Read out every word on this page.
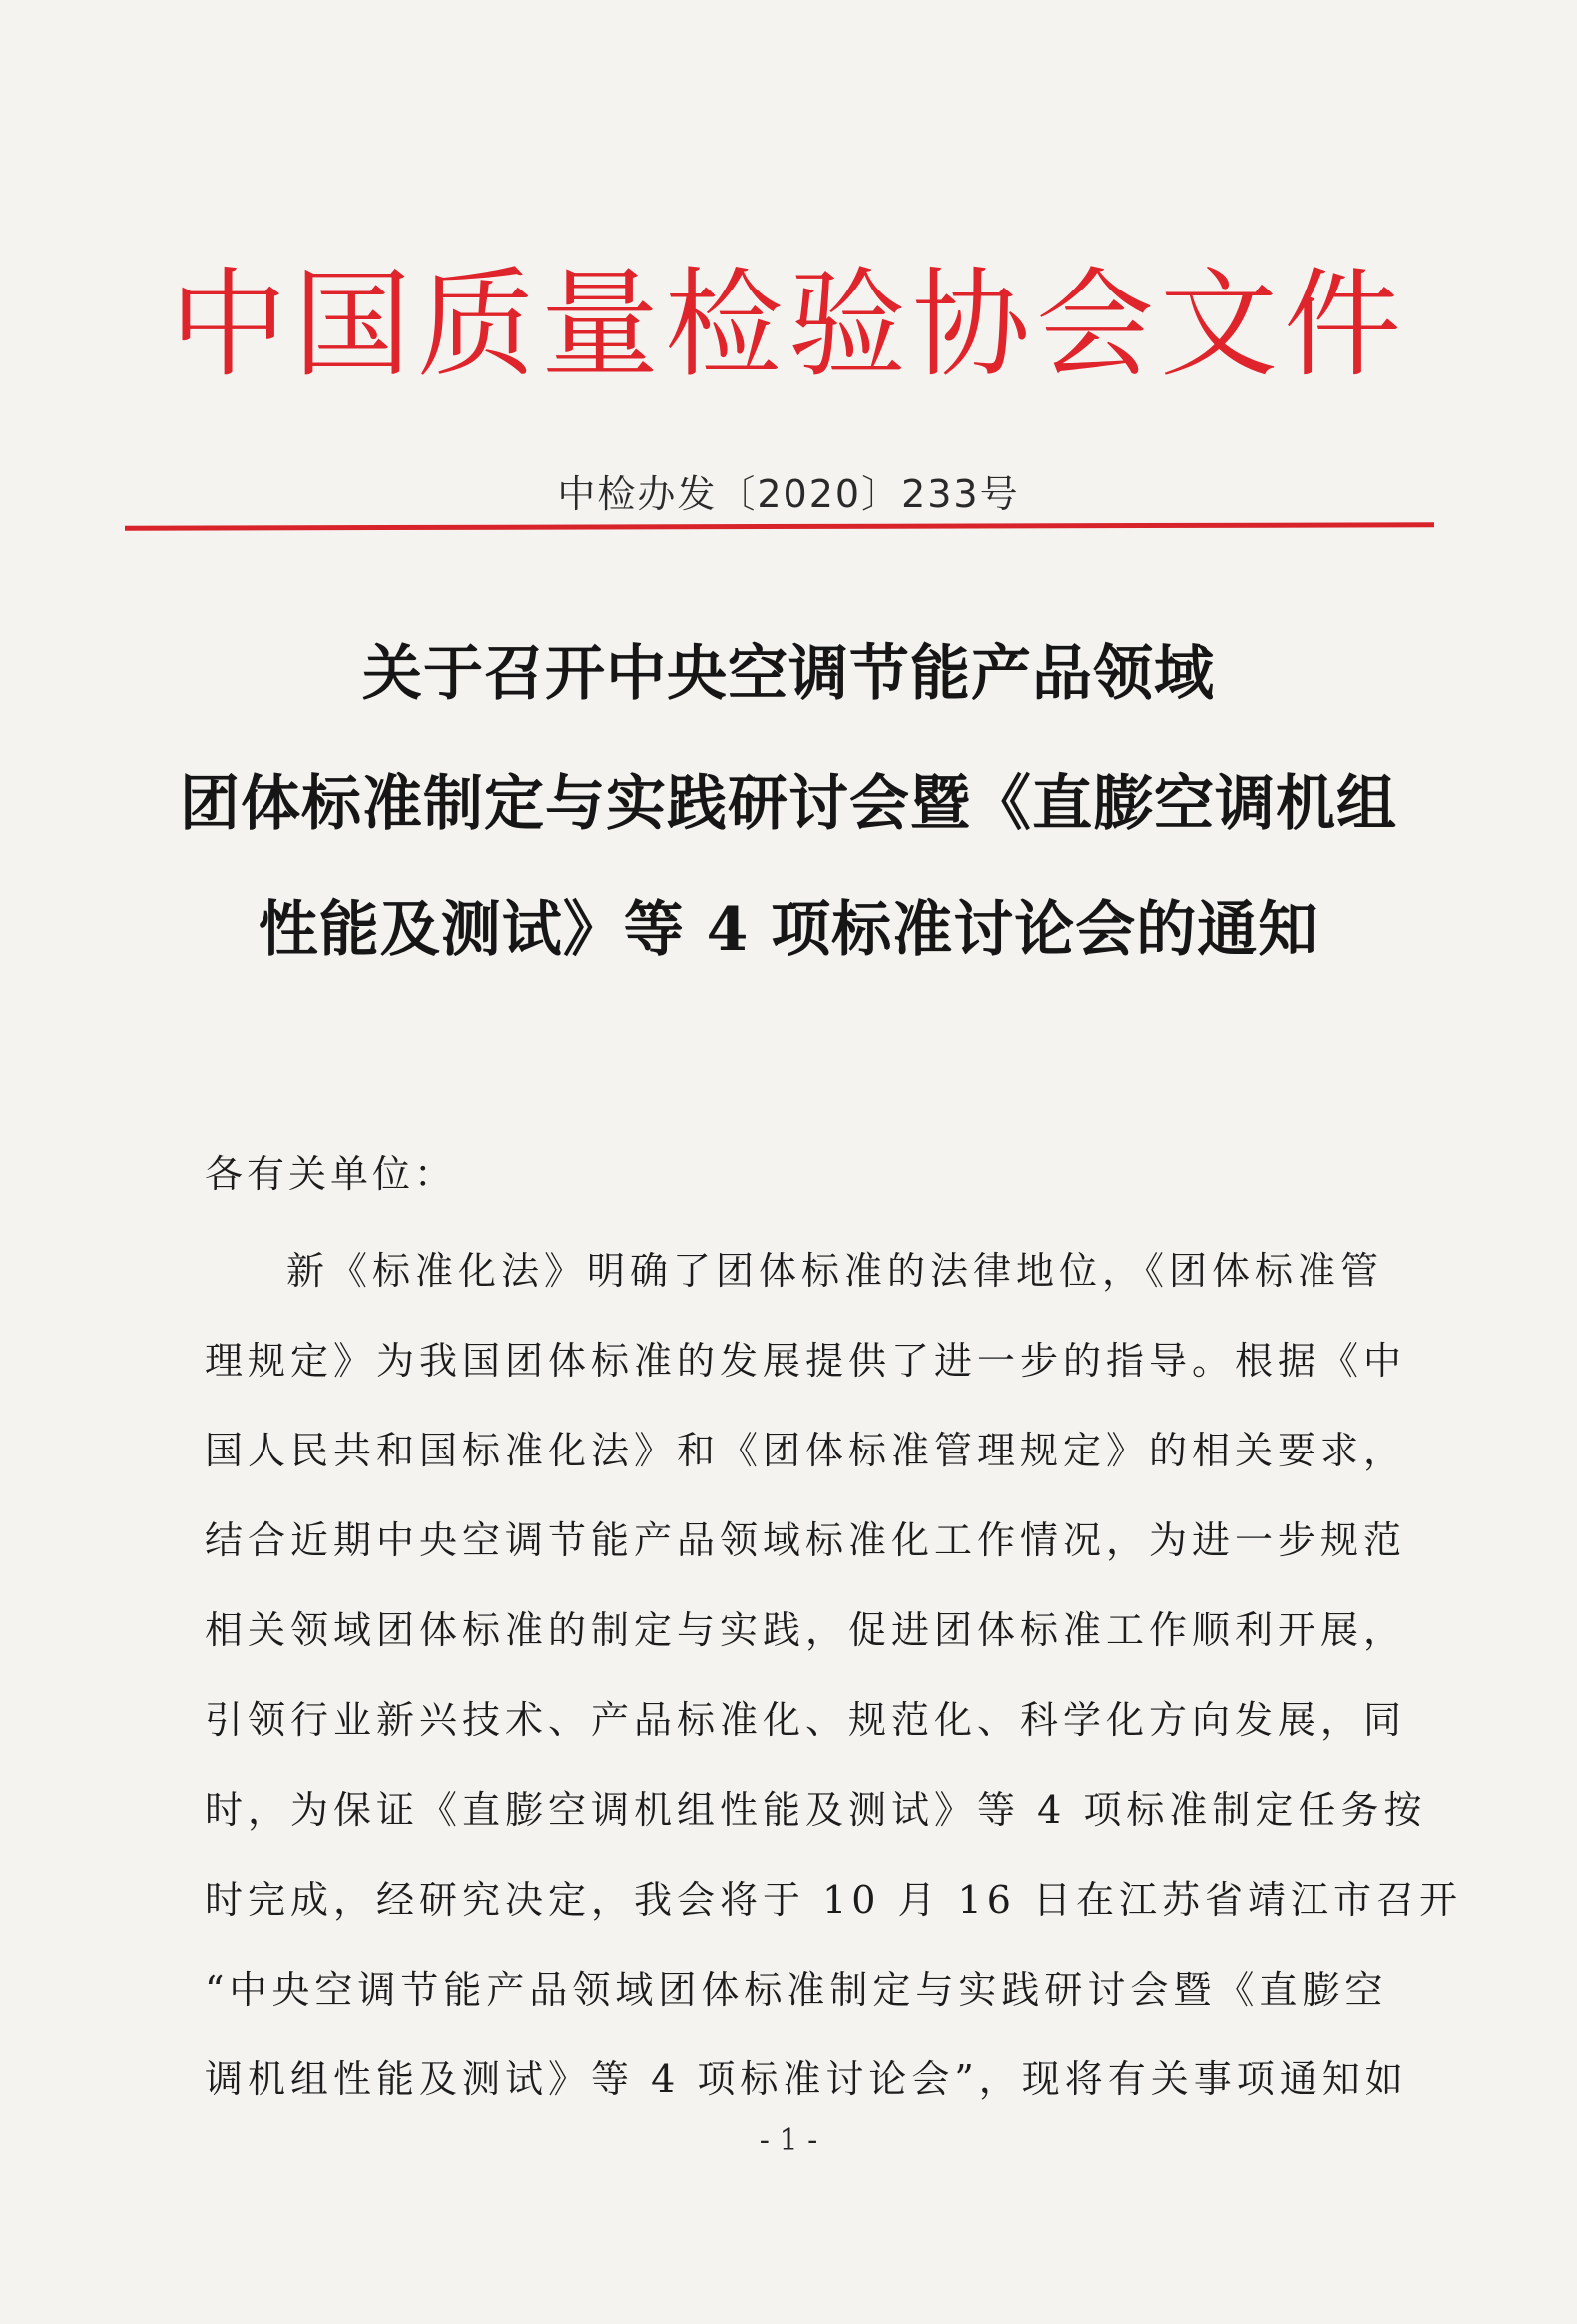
中国质量检验协会文件
中检办发〔2020〕233号
关于召开中央空调节能产品领域
团体标准制定与实践研讨会暨《直膨空调机组
性能及测试》等 4 项标准讨论会的通知
各有关单位：
新《标准化法》明确了团体标准的法律地位，《团体标准管
理规定》为我国团体标准的发展提供了进一步的指导。根据《中
国人民共和国标准化法》和《团体标准管理规定》的相关要求，
结合近期中央空调节能产品领域标准化工作情况，为进一步规范
相关领域团体标准的制定与实践，促进团体标准工作顺利开展，
引领行业新兴技术、产品标准化、规范化、科学化方向发展，同
时，为保证《直膨空调机组性能及测试》等 4 项标准制定任务按
时完成，经研究决定，我会将于 10 月 16 日在江苏省靖江市召开
“中央空调节能产品领域团体标准制定与实践研讨会暨《直膨空
调机组性能及测试》等 4 项标准讨论会”，现将有关事项通知如
- 1 -
